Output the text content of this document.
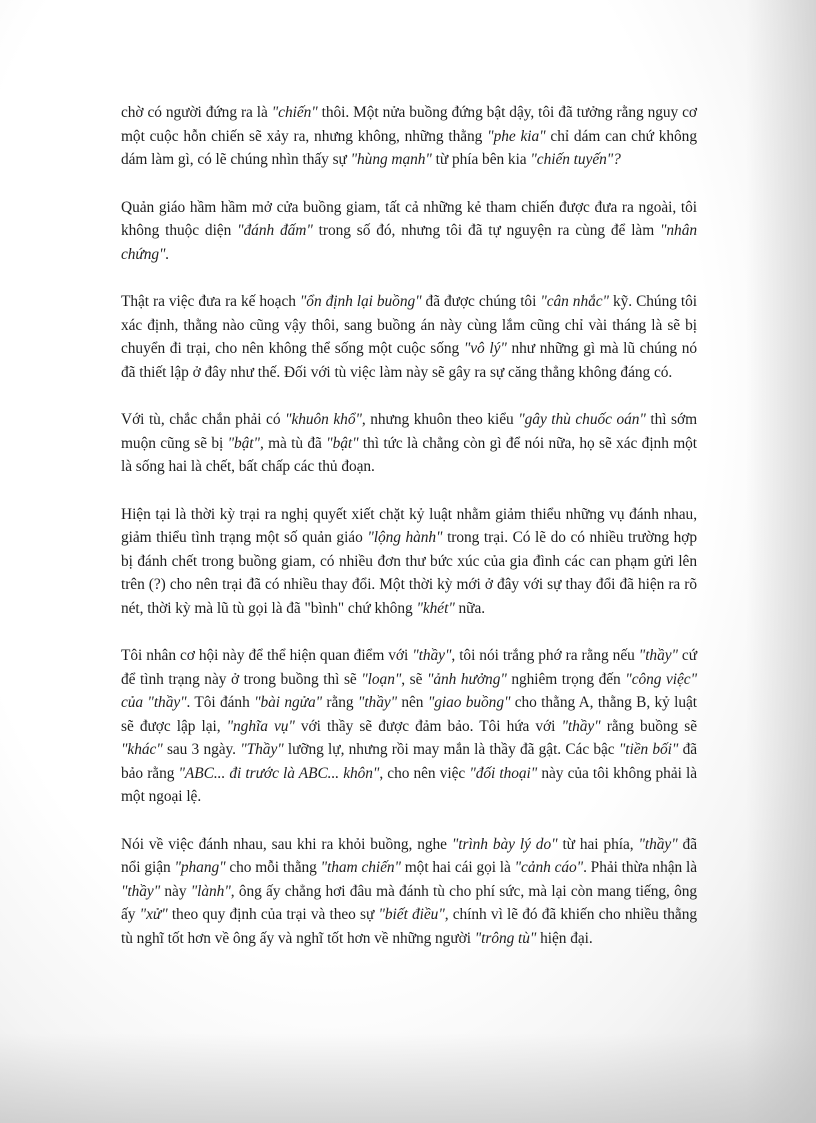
chờ có người đứng ra là "chiến" thôi. Một nửa buồng đứng bật dậy, tôi đã tưởng rằng nguy cơ một cuộc hỗn chiến sẽ xảy ra, nhưng không, những thằng "phe kia" chỉ dám can chứ không dám làm gì, có lẽ chúng nhìn thấy sự "hùng mạnh" từ phía bên kia "chiến tuyến"?

Quản giáo hầm hầm mở cửa buồng giam, tất cả những kẻ tham chiến được đưa ra ngoài, tôi không thuộc diện "đánh đấm" trong số đó, nhưng tôi đã tự nguyện ra cùng để làm "nhân chứng".

Thật ra việc đưa ra kế hoạch "ổn định lại buồng" đã được chúng tôi "cân nhắc" kỹ. Chúng tôi xác định, thằng nào cũng vậy thôi, sang buồng án này cùng lắm cũng chỉ vài tháng là sẽ bị chuyển đi trại, cho nên không thể sống một cuộc sống "vô lý" như những gì mà lũ chúng nó đã thiết lập ở đây như thế. Đối với tù việc làm này sẽ gây ra sự căng thẳng không đáng có.

Với tù, chắc chắn phải có "khuôn khổ", nhưng khuôn theo kiểu "gây thù chuốc oán" thì sớm muộn cũng sẽ bị "bật", mà tù đã "bật" thì tức là chẳng còn gì để nói nữa, họ sẽ xác định một là sống hai là chết, bất chấp các thủ đoạn.

Hiện tại là thời kỳ trại ra nghị quyết xiết chặt kỷ luật nhằm giảm thiểu những vụ đánh nhau, giảm thiểu tình trạng một số quản giáo "lộng hành" trong trại. Có lẽ do có nhiều trường hợp bị đánh chết trong buồng giam, có nhiều đơn thư bức xúc của gia đình các can phạm gửi lên trên (?) cho nên trại đã có nhiều thay đổi. Một thời kỳ mới ở đây với sự thay đổi đã hiện ra rõ nét, thời kỳ mà lũ tù gọi là đã "bình" chứ không "khét" nữa.

Tôi nhân cơ hội này để thể hiện quan điểm với "thầy", tôi nói trắng phớ ra rằng nếu "thầy" cứ để tình trạng này ở trong buồng thì sẽ "loạn", sẽ "ảnh hưởng" nghiêm trọng đến "công việc" của "thầy". Tôi đánh "bài ngửa" rằng "thầy" nên "giao buồng" cho thằng A, thằng B, kỷ luật sẽ được lập lại, "nghĩa vụ" với thầy sẽ được đảm bảo. Tôi hứa với "thầy" rằng buồng sẽ "khác" sau 3 ngày. "Thầy" lưỡng lự, nhưng rồi may mắn là thầy đã gật. Các bậc "tiền bối" đã bảo rằng "ABC... đi trước là ABC... khôn", cho nên việc "đối thoại" này của tôi không phải là một ngoại lệ.

Nói về việc đánh nhau, sau khi ra khỏi buồng, nghe "trình bày lý do" từ hai phía, "thầy" đã nổi giận "phang" cho mỗi thằng "tham chiến" một hai cái gọi là "cảnh cáo". Phải thừa nhận là "thầy" này "lành", ông ấy chẳng hơi đâu mà đánh tù cho phí sức, mà lại còn mang tiếng, ông ấy "xử" theo quy định của trại và theo sự "biết điều", chính vì lẽ đó đã khiến cho nhiều thằng tù nghĩ tốt hơn về ông ấy và nghĩ tốt hơn về những người "trông tù" hiện đại.
